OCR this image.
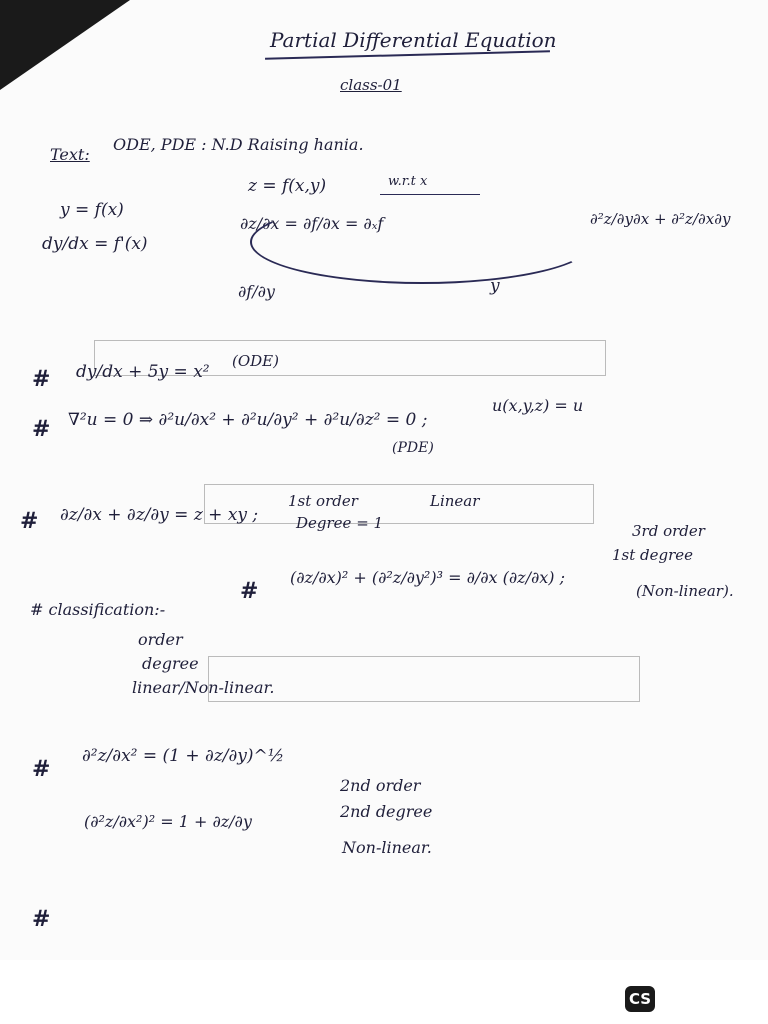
Partial Differential Equation
class-01
Text:
ODE, PDE : N.D Raising hania.
y = f(x)
z = f(x,y)	w.r.t x
∂z/∂x = ∂f/∂x = ∂ₓf	∂²z/∂y∂x + ∂²z/∂x∂y
dy/dx = f'(x)
∂f/∂y	y
# dy/dx + 5y = x²
(ODE)
# ∇²u = 0 ⇒ ∂²u/∂x² + ∂²u/∂y² + ∂²u/∂z² = 0 ;
u(x,y,z) = u
(PDE)
# ∂z/∂x + ∂z/∂y = z + xy ;
1st order	Linear
Degree = 1
#
(∂z/∂x)² + (∂²z/∂y²)³ = ∂/∂x (∂z/∂x) ;
3rd order
1st degree
(Non-linear).
# classification:-
order
degree
linear/Non-linear.
# ∂²z/∂x² = (1 + ∂z/∂y)^½
2nd order
2nd degree
Non-linear.
(∂²z/∂x²)² = 1 + ∂z/∂y
#
CS
